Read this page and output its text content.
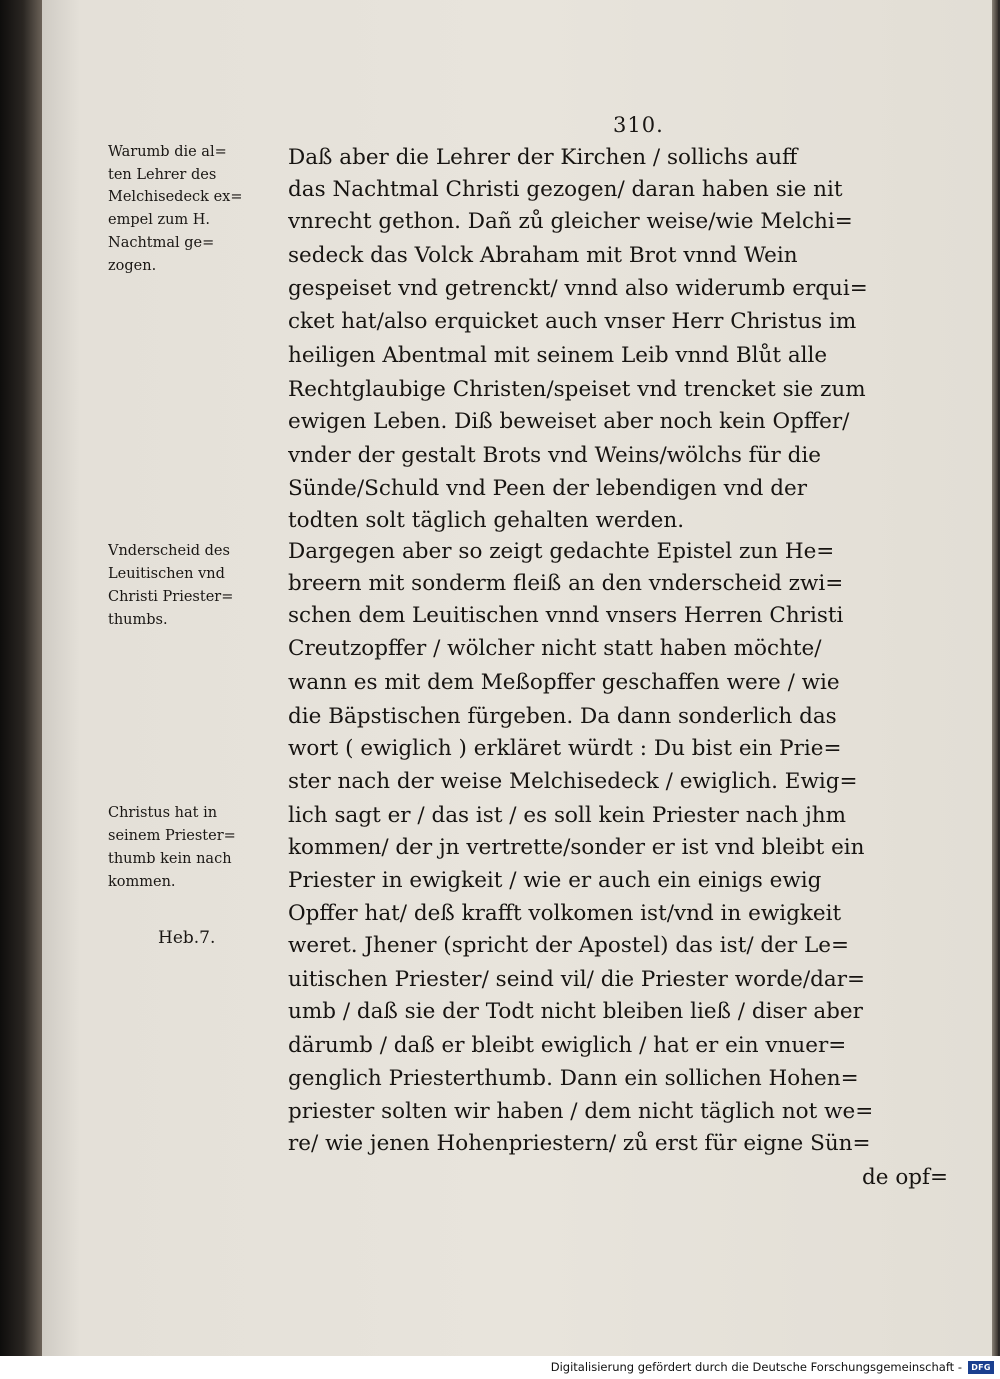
310.

Daß aber die Lehrer der Kirchen / sollichs auff

das Nachtmal Christi gezogen/ daran haben sie nit

vnrecht gethon. Dañ zů gleicher weise/wie Melchi=

sedeck das Volck Abraham mit Brot vnnd Wein

gespeiset vnd getrenckt/ vnnd also widerumb erqui=

cket hat/also erquicket auch vnser Herr Christus im

heiligen Abentmal mit seinem Leib vnnd Blůt alle

Rechtglaubige Christen/speiset vnd trencket sie zum

ewigen Leben. Diß beweiset aber noch kein Opffer/

vnder der gestalt Brots vnd Weins/wölchs für die

Sünde/Schuld vnd Peen der lebendigen vnd der

todten solt täglich gehalten werden.

Dargegen aber so zeigt gedachte Epistel zun He=

breern mit sonderm fleiß an den vnderscheid zwi=

schen dem Leuitischen vnnd vnsers Herren Christi

Creutzopffer / wölcher nicht statt haben möchte/

wann es mit dem Meßopffer geschaffen were / wie

die Bäpstischen fürgeben. Da dann sonderlich das

wort ( ewiglich ) erkläret würdt : Du bist ein Prie=

ster nach der weise Melchisedeck / ewiglich. Ewig=

lich sagt er / das ist / es soll kein Priester nach jhm

kommen/ der jn vertrette/sonder er ist vnd bleibt ein

Priester in ewigkeit / wie er auch ein einigs ewig

Opffer hat/ deß krafft volkomen ist/vnd in ewigkeit

weret. Jhener (spricht der Apostel) das ist/ der Le=

uitischen Priester/ seind vil/ die Priester worde/dar=

umb / daß sie der Todt nicht bleiben ließ / diser aber

därumb / daß er bleibt ewiglich / hat er ein vnuer=

genglich Priesterthumb. Dann ein sollichen Hohen=

priester solten wir haben / dem nicht täglich not we=

re/ wie jenen Hohenpriestern/ zů erst für eigne Sün=

de opf=

Warumb die al=
ten Lehrer des
Melchisedeck ex=
empel zum H.
Nachtmal ge=
zogen.
Vnderscheid des
Leuitischen vnd
Christi Priester=
thumbs.
Christus hat in
seinem Priester=
thumb kein nach
kommen.
Heb.7.
Digitalisierung gefördert durch die Deutsche Forschungsgemeinschaft -	DFG
